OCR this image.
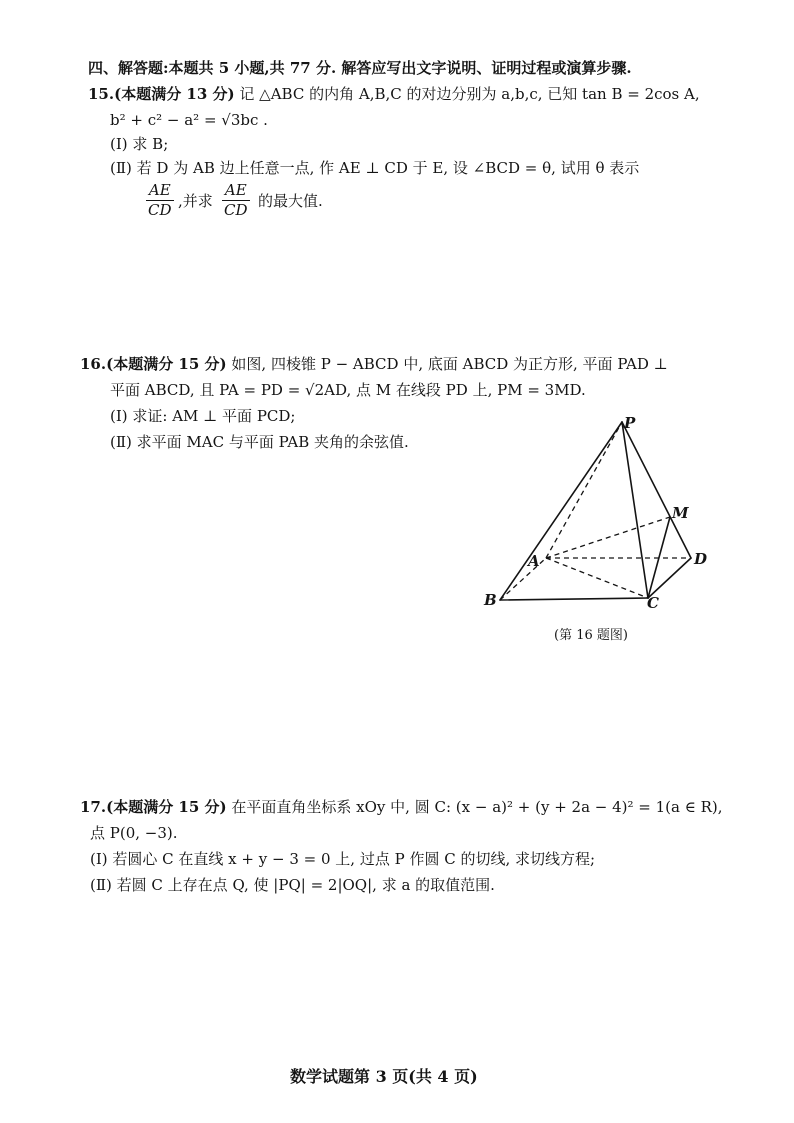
四、解答题:本题共 5 小题,共 77 分. 解答应写出文字说明、证明过程或演算步骤.
15.(本题满分 13 分) 记 △ABC 的内角 A,B,C 的对边分别为 a,b,c, 已知 tan B = 2cos A,
b² + c² − a² = √3bc .
(Ⅰ) 求 B;
(Ⅱ) 若 D 为 AB 边上任意一点, 作 AE ⊥ CD 于 E, 设 ∠BCD = θ, 试用 θ 表示
AE
CD ,并求
AE
CD 的最大值.
16.(本题满分 15 分) 如图, 四棱锥 P − ABCD 中, 底面 ABCD 为正方形, 平面 PAD ⊥
平面 ABCD, 且 PA = PD = √2AD, 点 M 在线段 PD 上, PM = 3MD.
(Ⅰ) 求证: AM ⊥ 平面 PCD;
(Ⅱ) 求平面 MAC 与平面 PAB 夹角的余弦值.
P
M
A	D
B	C
(第 16 题图)
17.(本题满分 15 分) 在平面直角坐标系 xOy 中, 圆 C: (x − a)² + (y + 2a − 4)² = 1(a ∈ R),
点 P(0, −3).
(Ⅰ) 若圆心 C 在直线 x + y − 3 = 0 上, 过点 P 作圆 C 的切线, 求切线方程;
(Ⅱ) 若圆 C 上存在点 Q, 使 |PQ| = 2|OQ|, 求 a 的取值范围.
数学试题第 3 页(共 4 页)
